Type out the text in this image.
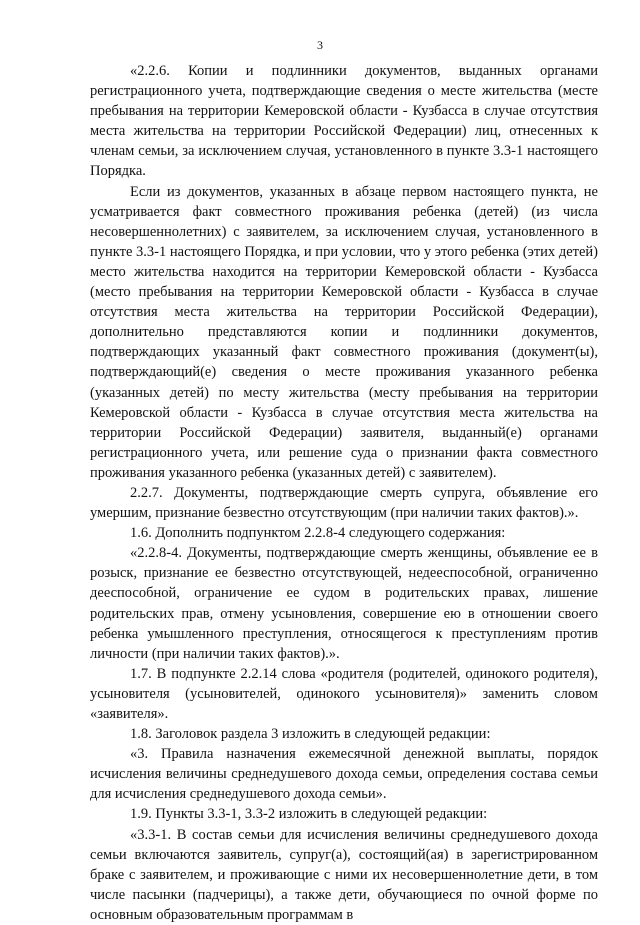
3

«2.2.6. Копии и подлинники документов, выданных органами регистрационного учета, подтверждающие сведения о месте жительства (месте пребывания на территории Кемеровской области - Кузбасса в случае отсутствия места жительства на территории Российской Федерации) лиц, отнесенных к членам семьи, за исключением случая, установленного в пункте 3.3-1 настоящего Порядка.

Если из документов, указанных в абзаце первом настоящего пункта, не усматривается факт совместного проживания ребенка (детей) (из числа несовершеннолетних) с заявителем, за исключением случая, установленного в пункте 3.3-1 настоящего Порядка, и при условии, что у этого ребенка (этих детей) место жительства находится на территории Кемеровской области - Кузбасса (место пребывания на территории Кемеровской области - Кузбасса в случае отсутствия места жительства на территории Российской Федерации), дополнительно представляются копии и подлинники документов, подтверждающих указанный факт совместного проживания (документ(ы), подтверждающий(е) сведения о месте проживания указанного ребенка (указанных детей) по месту жительства (месту пребывания на территории Кемеровской области - Кузбасса в случае отсутствия места жительства на территории Российской Федерации) заявителя, выданный(е) органами регистрационного учета, или решение суда о признании факта совместного проживания указанного ребенка (указанных детей) с заявителем).

2.2.7. Документы, подтверждающие смерть супруга, объявление его умершим, признание безвестно отсутствующим (при наличии таких фактов).».

1.6. Дополнить подпунктом 2.2.8-4 следующего содержания:

«2.2.8-4. Документы, подтверждающие смерть женщины, объявление ее в розыск, признание ее безвестно отсутствующей, недееспособной, ограниченно дееспособной, ограничение ее судом в родительских правах, лишение родительских прав, отмену усыновления, совершение ею в отношении своего ребенка умышленного преступления, относящегося к преступлениям против личности (при наличии таких фактов).».

1.7. В подпункте 2.2.14 слова «родителя (родителей, одинокого родителя), усыновителя (усыновителей, одинокого усыновителя)» заменить словом «заявителя».

1.8. Заголовок раздела 3 изложить в следующей редакции:

«3. Правила назначения ежемесячной денежной выплаты, порядок исчисления величины среднедушевого дохода семьи, определения состава семьи для исчисления среднедушевого дохода семьи».

1.9. Пункты 3.3-1, 3.3-2 изложить в следующей редакции:

«3.3-1. В состав семьи для исчисления величины среднедушевого дохода семьи включаются заявитель, супруг(а), состоящий(ая) в зарегистрированном браке с заявителем, и проживающие с ними их несовершеннолетние дети, в том числе пасынки (падчерицы), а также дети, обучающиеся по очной форме по основным образовательным программам в
